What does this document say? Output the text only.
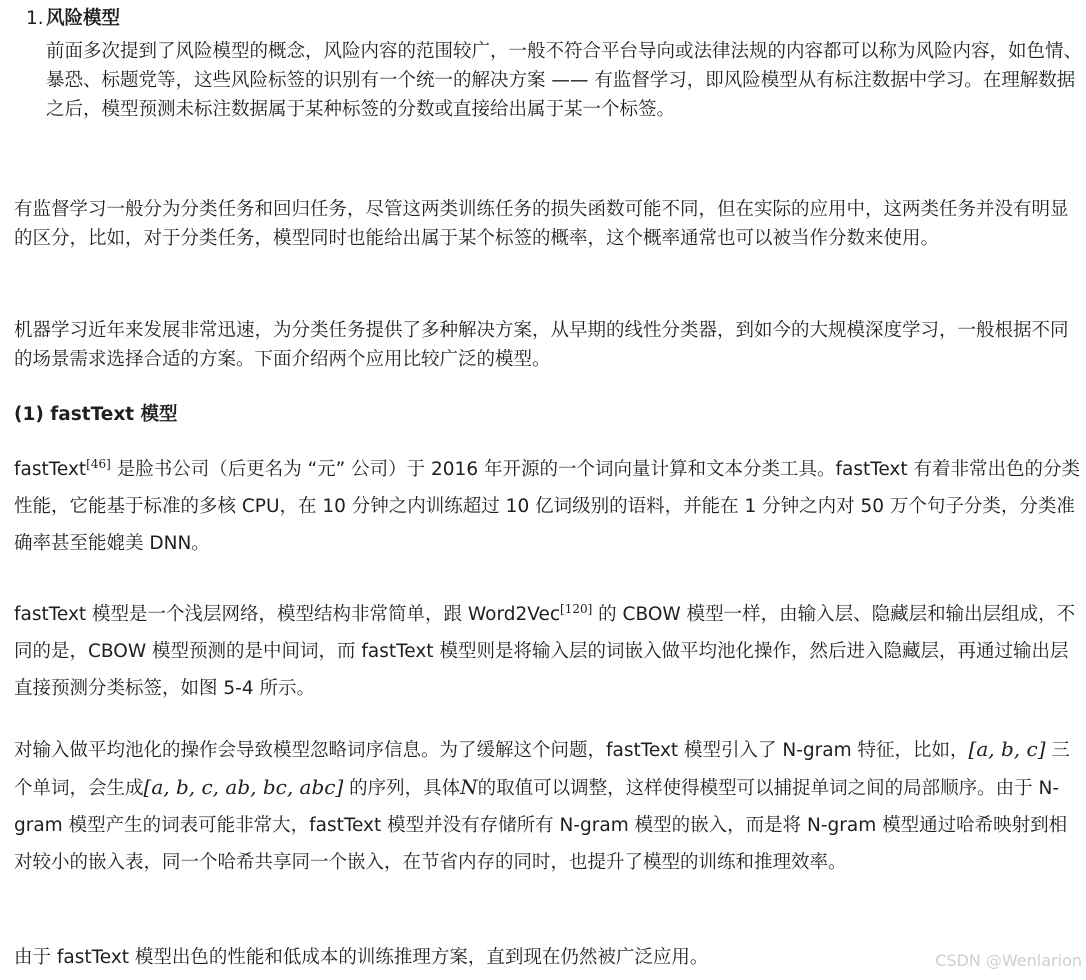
1. 风险模型
前面多次提到了风险模型的概念，风险内容的范围较广，一般不符合平台导向或法律法规的内容都可以称为风险内容，如色情、暴恐、标题党等，这些风险标签的识别有一个统一的解决方案 —— 有监督学习，即风险模型从有标注数据中学习。在理解数据之后，模型预测未标注数据属于某种标签的分数或直接给出属于某一个标签。
有监督学习一般分为分类任务和回归任务，尽管这两类训练任务的损失函数可能不同，但在实际的应用中，这两类任务并没有明显的区分，比如，对于分类任务，模型同时也能给出属于某个标签的概率，这个概率通常也可以被当作分数来使用。
机器学习近年来发展非常迅速，为分类任务提供了多种解决方案，从早期的线性分类器，到如今的大规模深度学习，一般根据不同的场景需求选择合适的方案。下面介绍两个应用比较广泛的模型。
(1) fastText 模型
fastText[46] 是脸书公司（后更名为 “元” 公司）于 2016 年开源的一个词向量计算和文本分类工具。fastText 有着非常出色的分类性能，它能基于标准的多核 CPU，在 10 分钟之内训练超过 10 亿词级别的语料，并能在 1 分钟之内对 50 万个句子分类，分类准确率甚至能媲美 DNN。
fastText 模型是一个浅层网络，模型结构非常简单，跟 Word2Vec[120] 的 CBOW 模型一样，由输入层、隐藏层和输出层组成，不同的是，CBOW 模型预测的是中间词，而 fastText 模型则是将输入层的词嵌入做平均池化操作，然后进入隐藏层，再通过输出层直接预测分类标签，如图 5-4 所示。
对输入做平均池化的操作会导致模型忽略词序信息。为了缓解这个问题，fastText 模型引入了 N-gram 特征，比如，[a, b, c] 三个单词，会生成[a, b, c, ab, bc, abc] 的序列，具体N的取值可以调整，这样使得模型可以捕捉单词之间的局部顺序。由于 N-gram 模型产生的词表可能非常大，fastText 模型并没有存储所有 N-gram 模型的嵌入，而是将 N-gram 模型通过哈希映射到相对较小的嵌入表，同一个哈希共享同一个嵌入，在节省内存的同时，也提升了模型的训练和推理效率。
由于 fastText 模型出色的性能和低成本的训练推理方案，直到现在仍然被广泛应用。	CSDN @Wenlarion
